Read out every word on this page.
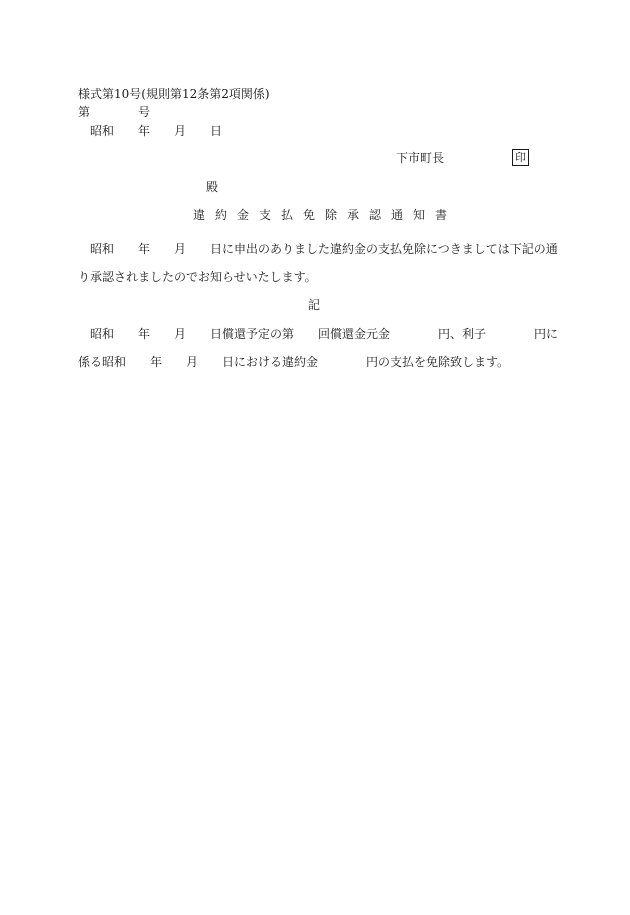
様式第10号(規則第12条第2項関係)
第　　　　号
昭和　　年　　月　　日
下市町長	印
殿
違約金支払免除承認通知書
昭和　　年　　月　　日に申出のありました違約金の支払免除につきましては下記の通
り承認されましたのでお知らせいたします。
記
昭和　　年　　月　　日償還予定の第　　回償還金元金　　　　円、利子　　　　円に
係る昭和　　年　　月　　日における違約金　　　　円の支払を免除致します。
